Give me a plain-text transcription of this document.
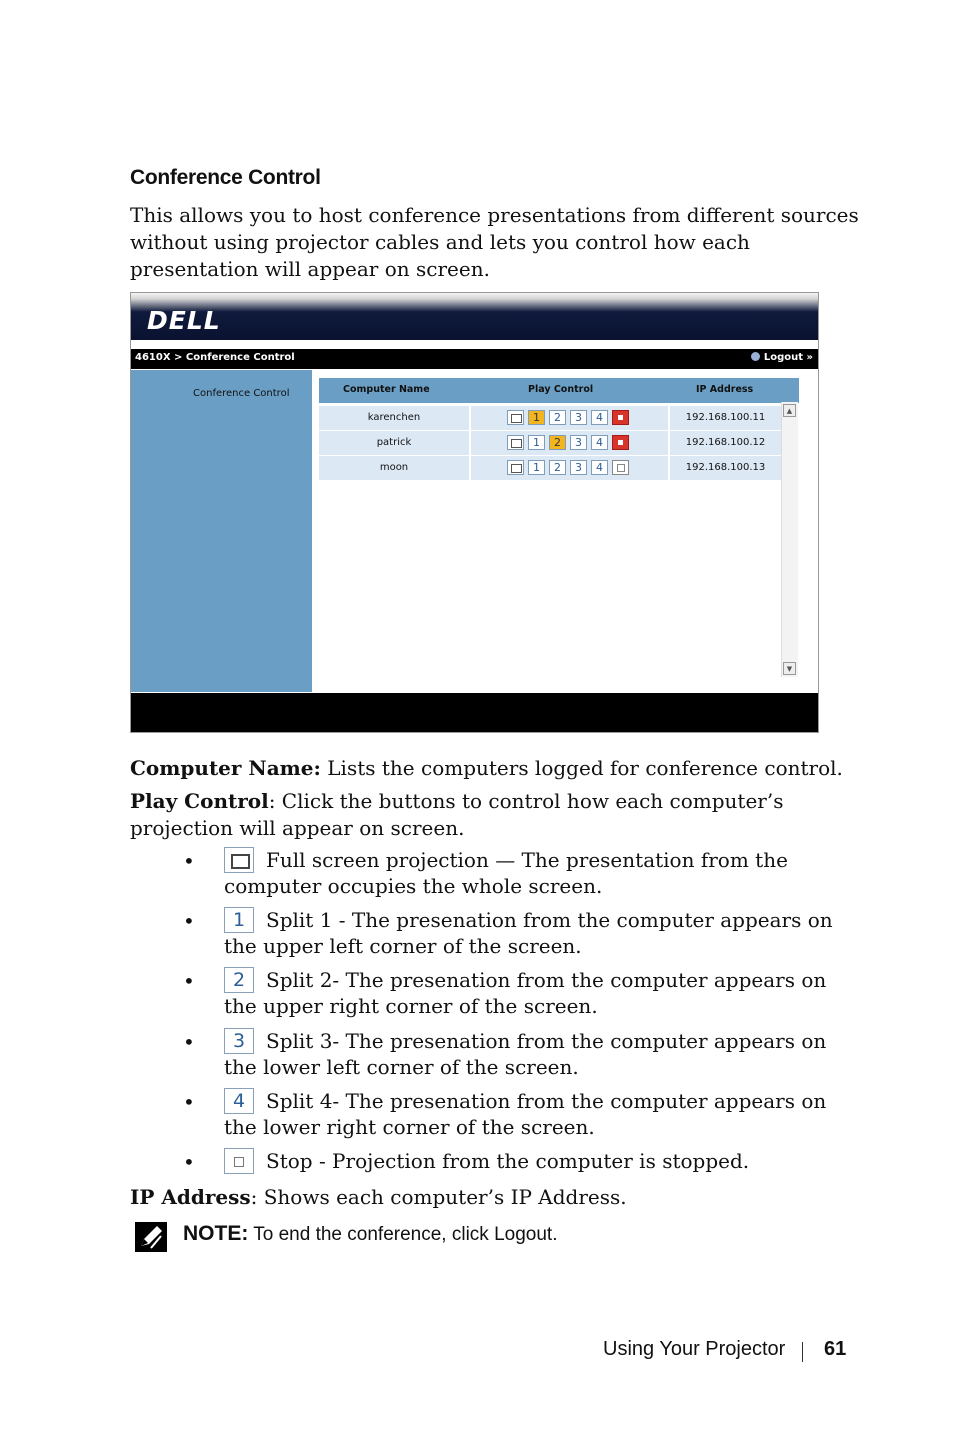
Conference Control
This allows you to host conference presentations from different sources without using projector cables and lets you control how each presentation will appear on screen.
DELL
4610X > Conference Control	Logout »
Conference Control	Computer Name	Play Control	IP Address
karenchen	1 2 3 4	192.168.100.11
patrick	1 2 3 4	192.168.100.12
moon	1 2 3 4	192.168.100.13
▲
▼
Computer Name: Lists the computers logged for conference control.
Play Control: Click the buttons to control how each computer’s projection will appear on screen.
•	Full screen projection — The presentation from the computer occupies the whole screen.
•	1	Split 1 - The presenation from the computer appears on the upper left corner of the screen.
•	2	Split 2- The presenation from the computer appears on the upper right corner of the screen.
•	3	Split 3- The presenation from the computer appears on the lower left corner of the screen.
•	4	Split 4- The presenation from the computer appears on the lower right corner of the screen.
•	Stop - Projection from the computer is stopped.
IP Address: Shows each computer’s IP Address.
NOTE: To end the conference, click Logout.
Using Your Projector 61
